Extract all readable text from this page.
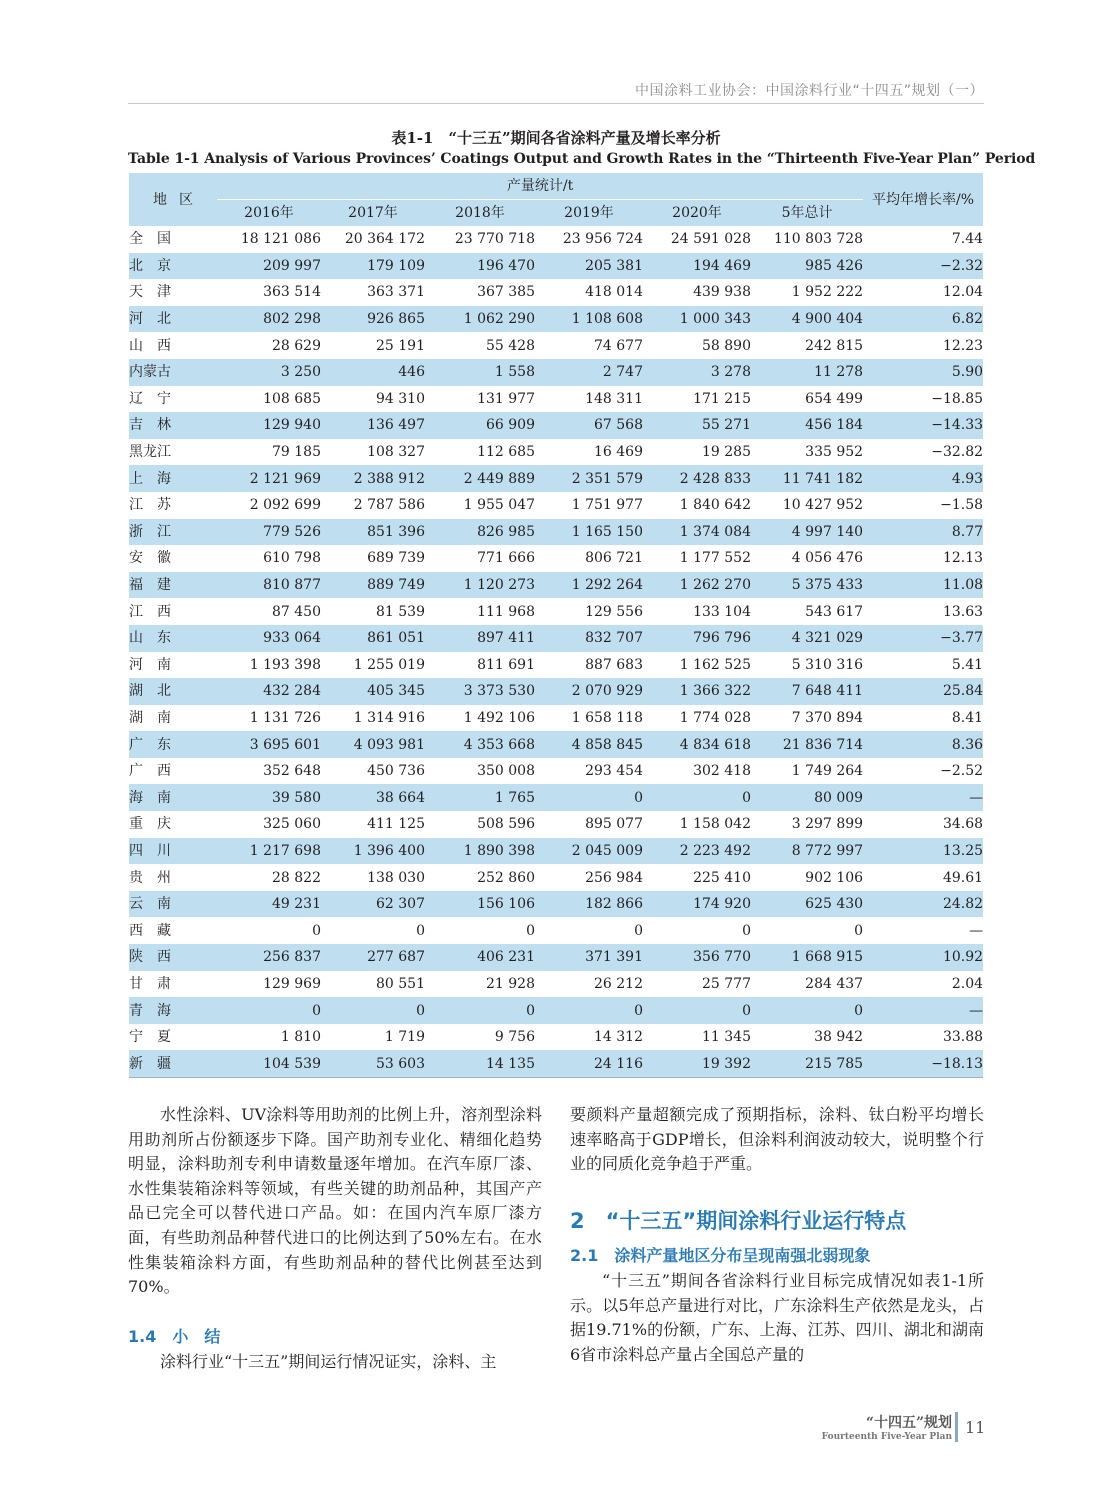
中国涂料工业协会：中国涂料行业“十四五”规划（一）
表1-1　“十三五”期间各省涂料产量及增长率分析
Table 1-1 Analysis of Various Provinces’ Coatings Output and Growth Rates in the “Thirteenth Five-Year Plan” Period
地区	产量统计/t						平均年增长率/%
	2016年	2017年	2018年	2019年	2020年	5年总计	
全　国	18 121 086	20 364 172	23 770 718	23 956 724	24 591 028	110 803 728	7.44
北　京	209 997	179 109	196 470	205 381	194 469	985 426	−2.32
天　津	363 514	363 371	367 385	418 014	439 938	1 952 222	12.04
河　北	802 298	926 865	1 062 290	1 108 608	1 000 343	4 900 404	6.82
山　西	28 629	25 191	55 428	74 677	58 890	242 815	12.23
内蒙古	3 250	446	1 558	2 747	3 278	11 278	5.90
辽　宁	108 685	94 310	131 977	148 311	171 215	654 499	−18.85
吉　林	129 940	136 497	66 909	67 568	55 271	456 184	−14.33
黑龙江	79 185	108 327	112 685	16 469	19 285	335 952	−32.82
上　海	2 121 969	2 388 912	2 449 889	2 351 579	2 428 833	11 741 182	4.93
江　苏	2 092 699	2 787 586	1 955 047	1 751 977	1 840 642	10 427 952	−1.58
浙　江	779 526	851 396	826 985	1 165 150	1 374 084	4 997 140	8.77
安　徽	610 798	689 739	771 666	806 721	1 177 552	4 056 476	12.13
福　建	810 877	889 749	1 120 273	1 292 264	1 262 270	5 375 433	11.08
江　西	87 450	81 539	111 968	129 556	133 104	543 617	13.63
山　东	933 064	861 051	897 411	832 707	796 796	4 321 029	−3.77
河　南	1 193 398	1 255 019	811 691	887 683	1 162 525	5 310 316	5.41
湖　北	432 284	405 345	3 373 530	2 070 929	1 366 322	7 648 411	25.84
湖　南	1 131 726	1 314 916	1 492 106	1 658 118	1 774 028	7 370 894	8.41
广　东	3 695 601	4 093 981	4 353 668	4 858 845	4 834 618	21 836 714	8.36
广　西	352 648	450 736	350 008	293 454	302 418	1 749 264	−2.52
海　南	39 580	38 664	1 765	0	0	80 009	—
重　庆	325 060	411 125	508 596	895 077	1 158 042	3 297 899	34.68
四　川	1 217 698	1 396 400	1 890 398	2 045 009	2 223 492	8 772 997	13.25
贵　州	28 822	138 030	252 860	256 984	225 410	902 106	49.61
云　南	49 231	62 307	156 106	182 866	174 920	625 430	24.82
西　藏	0	0	0	0	0	0	—
陕　西	256 837	277 687	406 231	371 391	356 770	1 668 915	10.92
甘　肃	129 969	80 551	21 928	26 212	25 777	284 437	2.04
青　海	0	0	0	0	0	0	—
宁　夏	1 810	1 719	9 756	14 312	11 345	38 942	33.88
新　疆	104 539	53 603	14 135	24 116	19 392	215 785	−18.13

水性涂料、UV涂料等用助剂的比例上升，溶剂型涂料用助剂所占份额逐步下降。国产助剂专业化、精细化趋势明显，涂料助剂专利申请数量逐年增加。在汽车原厂漆、水性集装箱涂料等领域，有些关键的助剂品种，其国产产品已完全可以替代进口产品。如：在国内汽车原厂漆方面，有些助剂品种替代进口的比例达到了50%左右。在水性集装箱涂料方面，有些助剂品种的替代比例甚至达到70%。

1.4　小　结

涂料行业“十三五”期间运行情况证实，涂料、主

要颜料产量超额完成了预期指标，涂料、钛白粉平均增长速率略高于GDP增长，但涂料利润波动较大，说明整个行业的同质化竞争趋于严重。

2　“十三五”期间涂料行业运行特点
2.1　涂料产量地区分布呈现南强北弱现象

“十三五”期间各省涂料行业目标完成情况如表1-1所示。以5年总产量进行对比，广东涂料生产依然是龙头，占据19.71%的份额，广东、上海、江苏、四川、湖北和湖南6省市涂料总产量占全国总产量的

“十四五”规划
Fourteenth Five-Year Plan 11
